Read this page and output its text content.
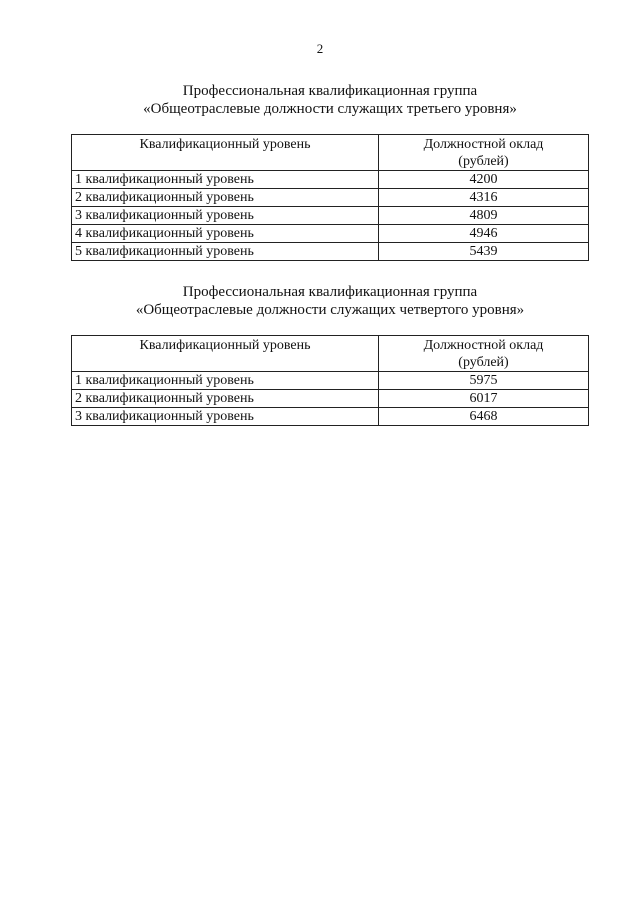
2
Профессиональная квалификационная группа
«Общеотраслевые должности служащих третьего уровня»
Квалификационный уровень	Должностной оклад
(рублей)

1 квалификационный уровень	4200
2 квалификационный уровень	4316
3 квалификационный уровень	4809
4 квалификационный уровень	4946
5 квалификационный уровень	5439
Профессиональная квалификационная группа
«Общеотраслевые должности служащих четвертого уровня»
Квалификационный уровень	Должностной оклад
(рублей)

1 квалификационный уровень	5975
2 квалификационный уровень	6017
3 квалификационный уровень	6468
